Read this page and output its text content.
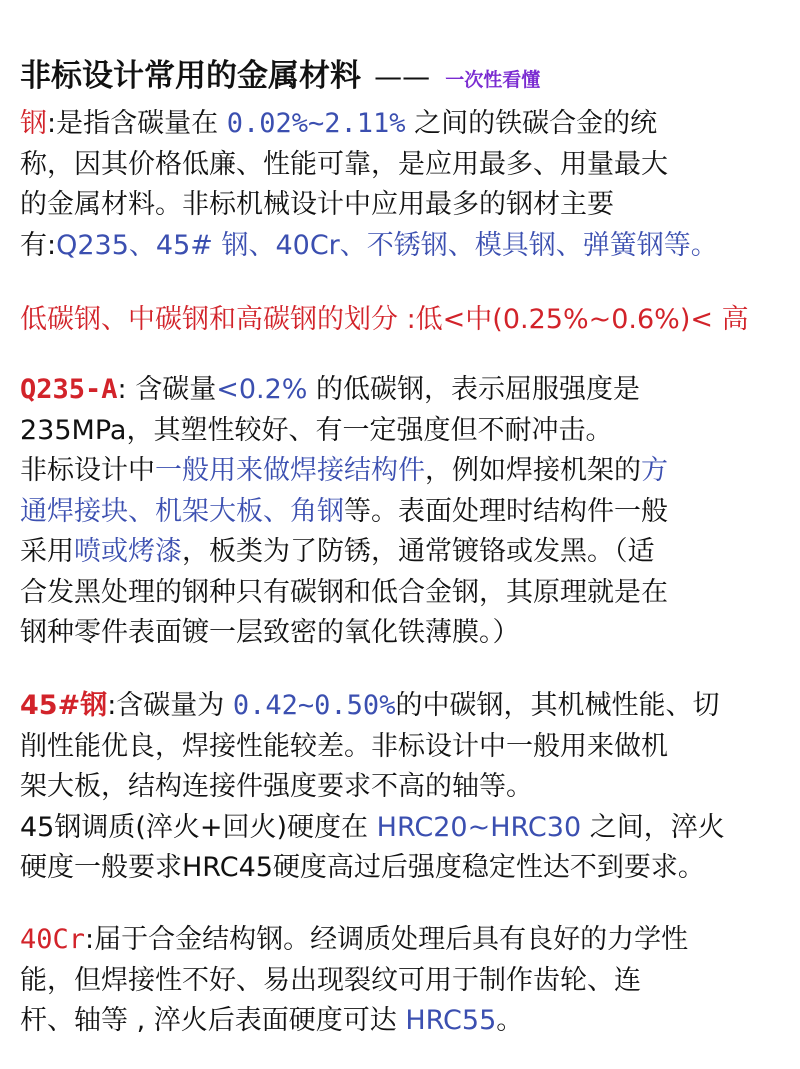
非标设计常用的金属材料 —— 一次性看懂
钢:是指含碳量在 0.02%~2.11% 之间的铁碳合金的统
称，因其价格低廉、性能可靠，是应用最多、用量最大
的金属材料。非标机械设计中应用最多的钢材主要
有:Q235、45# 钢、40Cr、不锈钢、模具钢、弹簧钢等。
低碳钢、中碳钢和高碳钢的划分 :低<中(0.25%~0.6%)< 高
Q235-A: 含碳量<0.2% 的低碳钢，表示屈服强度是
235MPa，其塑性较好、有一定强度但不耐冲击。
非标设计中一般用来做焊接结构件，例如焊接机架的方
通焊接块、机架大板、角钢等。表面处理时结构件一般
采用喷或烤漆，板类为了防锈，通常镀铬或发黑。（适
合发黑处理的钢种只有碳钢和低合金钢，其原理就是在
钢种零件表面镀一层致密的氧化铁薄膜。）
45#钢:含碳量为 0.42~0.50%的中碳钢，其机械性能、切
削性能优良，焊接性能较差。非标设计中一般用来做机
架大板，结构连接件强度要求不高的轴等。
45钢调质(淬火+回火)硬度在 HRC20~HRC30 之间，淬火
硬度一般要求HRC45硬度高过后强度稳定性达不到要求。
40Cr:届于合金结构钢。经调质处理后具有良好的力学性
能，但焊接性不好、易出现裂纹可用于制作齿轮、连
杆、轴等 , 淬火后表面硬度可达 HRC55。
